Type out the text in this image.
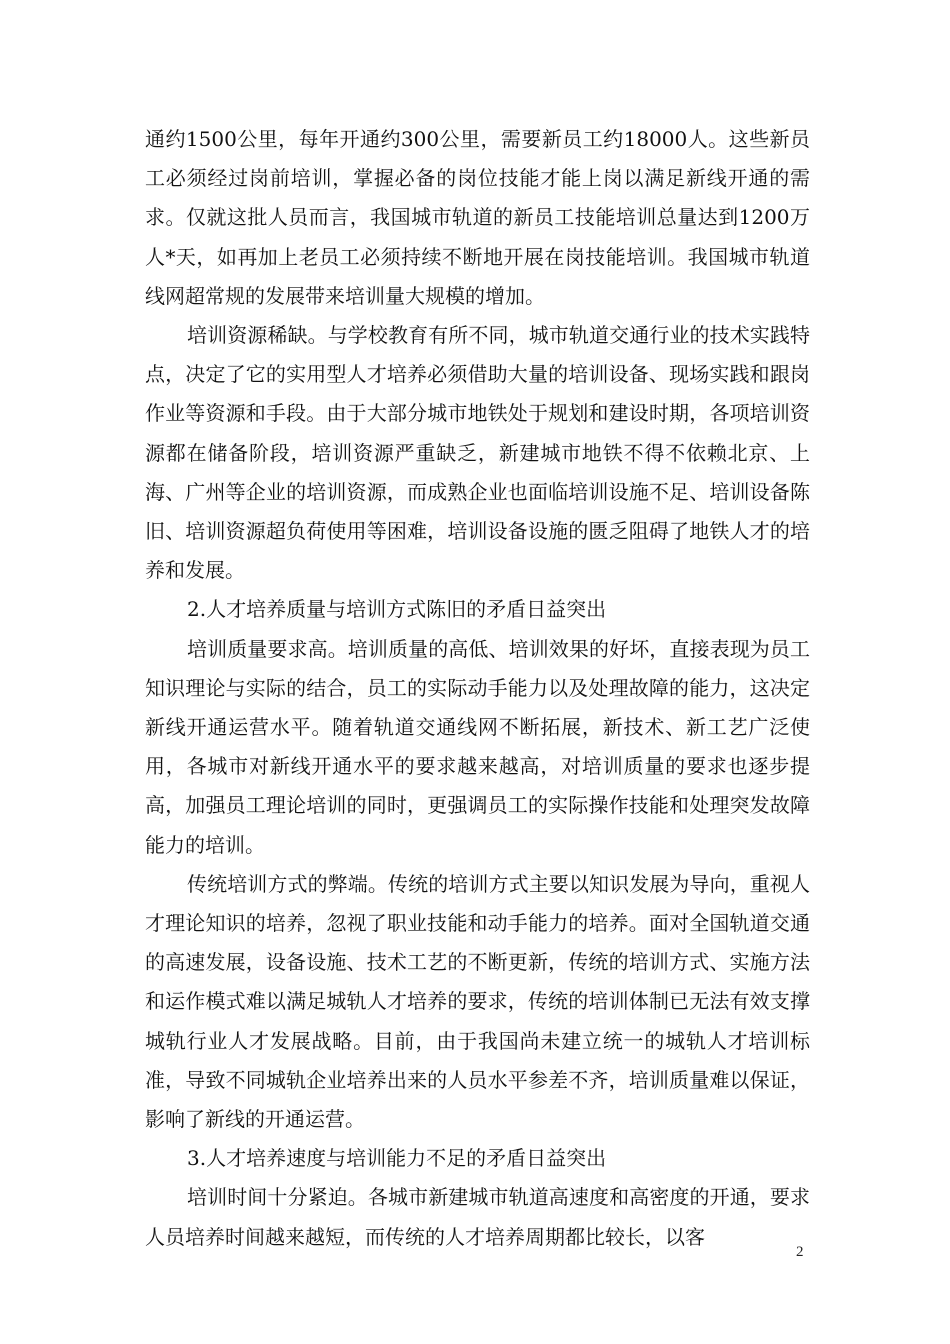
通约1500公里，每年开通约300公里，需要新员工约18000人。这些新员工必须经过岗前培训，掌握必备的岗位技能才能上岗以满足新线开通的需求。仅就这批人员而言，我国城市轨道的新员工技能培训总量达到1200万人*天，如再加上老员工必须持续不断地开展在岗技能培训。我国城市轨道线网超常规的发展带来培训量大规模的增加。

培训资源稀缺。与学校教育有所不同，城市轨道交通行业的技术实践特点，决定了它的实用型人才培养必须借助大量的培训设备、现场实践和跟岗作业等资源和手段。由于大部分城市地铁处于规划和建设时期，各项培训资源都在储备阶段，培训资源严重缺乏，新建城市地铁不得不依赖北京、上海、广州等企业的培训资源，而成熟企业也面临培训设施不足、培训设备陈旧、培训资源超负荷使用等困难，培训设备设施的匮乏阻碍了地铁人才的培养和发展。

2.人才培养质量与培训方式陈旧的矛盾日益突出

培训质量要求高。培训质量的高低、培训效果的好坏，直接表现为员工知识理论与实际的结合，员工的实际动手能力以及处理故障的能力，这决定新线开通运营水平。随着轨道交通线网不断拓展，新技术、新工艺广泛使用，各城市对新线开通水平的要求越来越高，对培训质量的要求也逐步提高，加强员工理论培训的同时，更强调员工的实际操作技能和处理突发故障能力的培训。

传统培训方式的弊端。传统的培训方式主要以知识发展为导向，重视人才理论知识的培养，忽视了职业技能和动手能力的培养。面对全国轨道交通的高速发展，设备设施、技术工艺的不断更新，传统的培训方式、实施方法和运作模式难以满足城轨人才培养的要求，传统的培训体制已无法有效支撑城轨行业人才发展战略。目前，由于我国尚未建立统一的城轨人才培训标准，导致不同城轨企业培养出来的人员水平参差不齐，培训质量难以保证，影响了新线的开通运营。

3.人才培养速度与培训能力不足的矛盾日益突出

培训时间十分紧迫。各城市新建城市轨道高速度和高密度的开通，要求人员培养时间越来越短，而传统的人才培养周期都比较长，以客

2
